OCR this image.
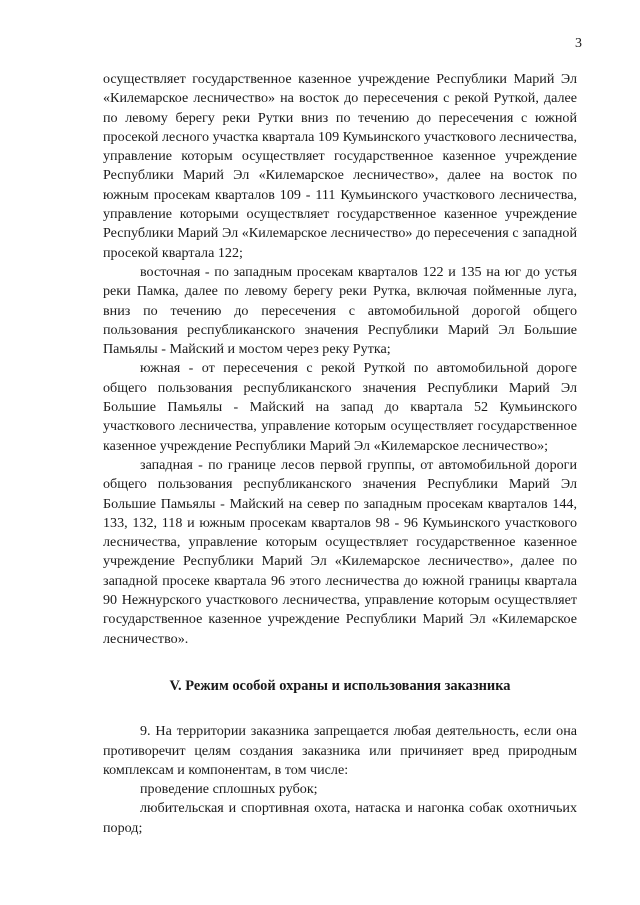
3

осуществляет государственное казенное учреждение Республики Марий Эл «Килемарское лесничество» на восток до пересечения с рекой Руткой, далее по левому берегу реки Рутки вниз по течению до пересечения с южной просекой лесного участка квартала 109 Кумьинского участкового лесничества, управление которым осуществляет государственное казенное учреждение Республики Марий Эл «Килемарское лесничество», далее на восток по южным просекам кварталов 109 - 111 Кумьинского участкового лесничества, управление которыми осуществляет государственное казенное учреждение Республики Марий Эл «Килемарское лесничество» до пересечения с западной просекой квартала 122;

восточная - по западным просекам кварталов 122 и 135 на юг до устья реки Памка, далее по левому берегу реки Рутка, включая пойменные луга, вниз по течению до пересечения с автомобильной дорогой общего пользования республиканского значения Республики Марий Эл Большие Памьялы - Майский и мостом через реку Рутка;

южная - от пересечения с рекой Руткой по автомобильной дороге общего пользования республиканского значения Республики Марий Эл Большие Памьялы - Майский на запад до квартала 52 Кумьинского участкового лесничества, управление которым осуществляет государственное казенное учреждение Республики Марий Эл «Килемарское лесничество»;

западная - по границе лесов первой группы, от автомобильной дороги общего пользования республиканского значения Республики Марий Эл Большие Памьялы - Майский на север по западным просекам кварталов 144, 133, 132, 118 и южным просекам кварталов 98 - 96 Кумьинского участкового лесничества, управление которым осуществляет государственное казенное учреждение Республики Марий Эл «Килемарское лесничество», далее по западной просеке квартала 96 этого лесничества до южной границы квартала 90 Нежнурского участкового лесничества, управление которым осуществляет государственное казенное учреждение Республики Марий Эл «Килемарское лесничество».

V. Режим особой охраны и использования заказника

9. На территории заказника запрещается любая деятельность, если она противоречит целям создания заказника или причиняет вред природным комплексам и компонентам, в том числе:

проведение сплошных рубок;

любительская и спортивная охота, натаска и нагонка собак охотничьих пород;
